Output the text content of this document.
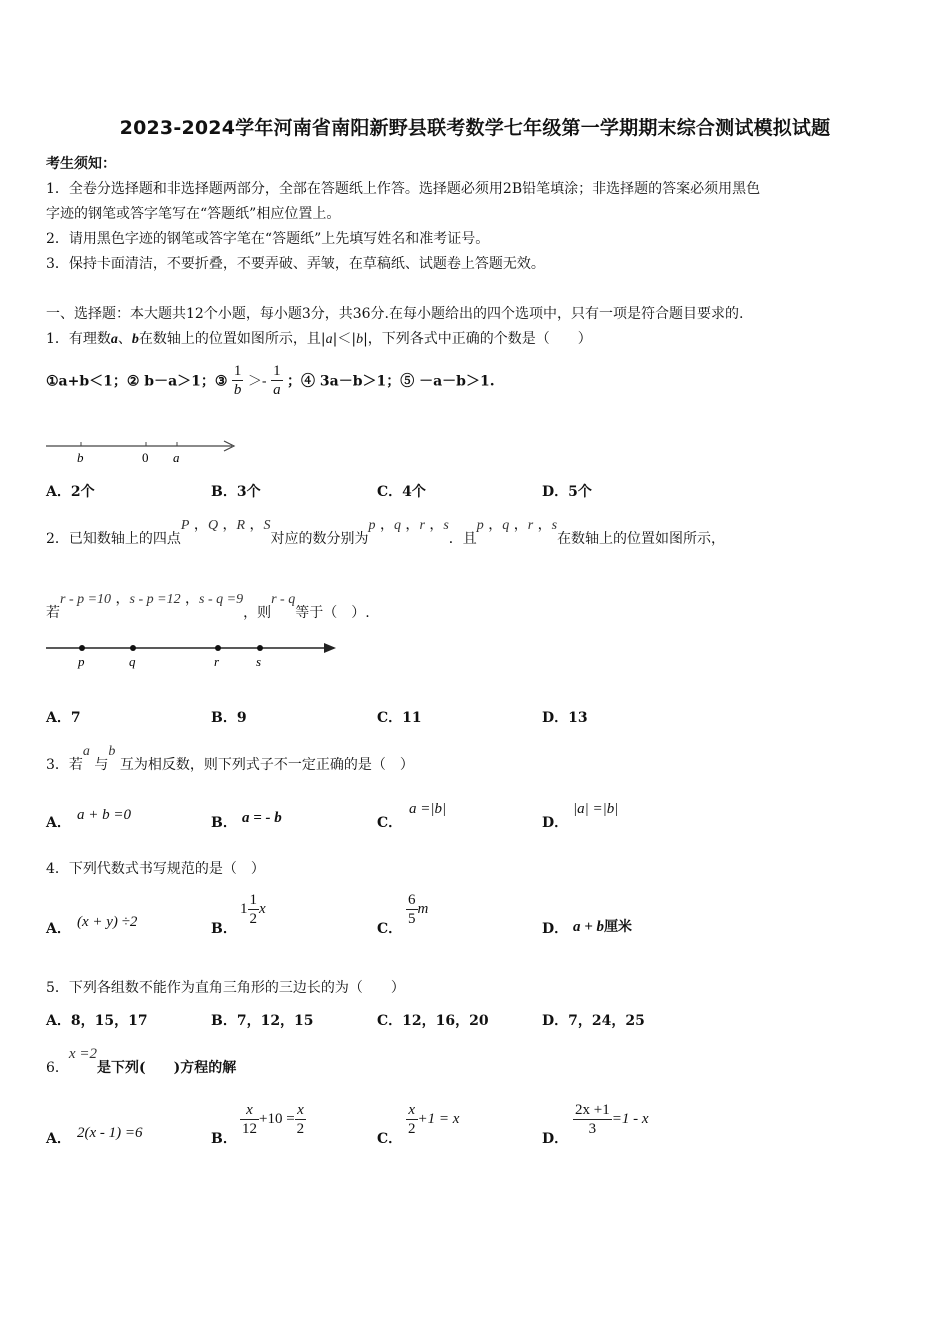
2023-2024学年河南省南阳新野县联考数学七年级第一学期期末综合测试模拟试题
考生须知：
1．全卷分选择题和非选择题两部分，全部在答题纸上作答。选择题必须用2B铅笔填涂；非选择题的答案必须用黑色
字迹的钢笔或答字笔写在“答题纸”相应位置上。
2．请用黑色字迹的钢笔或答字笔在“答题纸”上先填写姓名和准考证号。
3．保持卡面清洁，不要折叠，不要弄破、弄皱，在草稿纸、试题卷上答题无效。
一、选择题：本大题共12个小题，每小题3分，共36分.在每小题给出的四个选项中，只有一项是符合题目要求的.
1．有理数a、b在数轴上的位置如图所示，且|a|＜|b|，下列各式中正确的个数是（　　）
①a+b＜1；② b－a＞1；③ $\frac{1}{b} >- \frac{1}{a}$ ；④ 3a－b＞1；⑤ －a－b＞1.
b	0 a
A．2个	B．3个	C．4个	D．5个
2．已知数轴上的四点P ，Q ，R ，S对应的数分别为p ，q ，r ，s．且p ，q ，r ，s在数轴上的位置如图所示，
若r - p =10 ，s - p =12 ，s - q =9，则r - q等于（　）.
p	q	r	s
A．7	B．9	C．11	D．13
3．若a 与b 互为相反数，则下列式子不一定正确的是（　）
A． a + b =0	B． a = - b	C．
a =|b|
D．
|a| =|b|
4．下列代数式书写规范的是（　）
A． (x + y) ÷2	B．
$1 \frac{1}{2}$ x
C．
$\frac{6}{5}$ m
D． a + b厘米
5．下列各组数不能作为直角三角形的三边长的为（　　）
A．8，15，17	B．7，12，15	C．12，16，20	D．7，24，25
6．x =2是下列(　　)方程的解
A． 2(x - 1) =6	B．
$\frac{x}{12} +10 = \frac{x}{2}$
C．
$\frac{x}{2} +1 = x$
D．
$\frac{2x +1}{3} =1 - x$
